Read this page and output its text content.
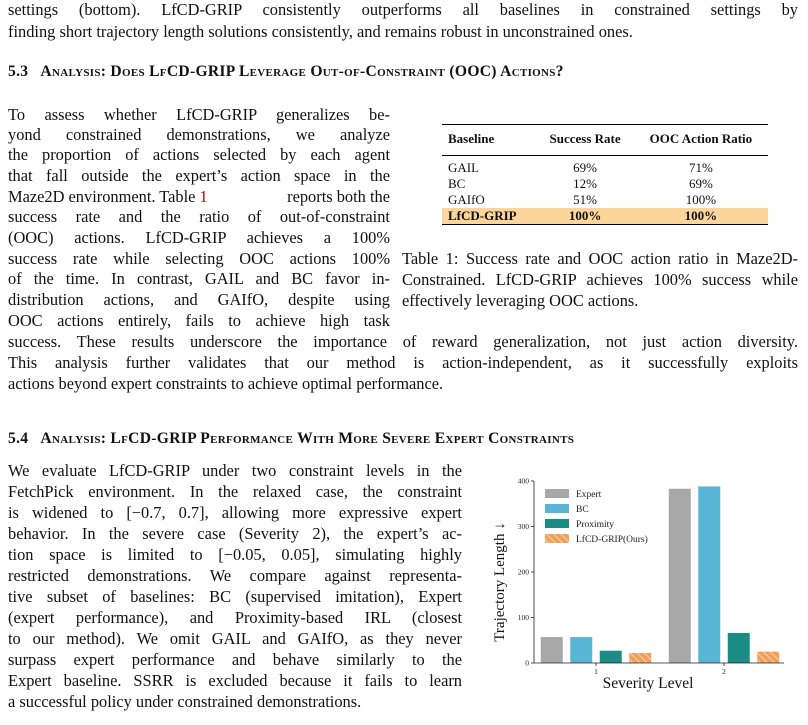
settings (bottom). LfCD-GRIP consistently outperforms all baselines in constrained settings by

finding short trajectory length solutions consistently, and remains robust in unconstrained ones.

5.3 Analysis: Does LfCD-GRIP Leverage Out-of-Constraint (OOC) Actions?

To assess whether LfCD-GRIP generalizes be-

yond constrained demonstrations, we analyze

the proportion of actions selected by each agent

that fall outside the expert’s action space in the

Maze2D environment. Table 1	reports both the

success rate and the ratio of out-of-constraint

(OOC) actions. LfCD-GRIP achieves a 100%

success rate while selecting OOC actions 100%

of the time. In contrast, GAIL and BC favor in-

distribution actions, and GAIfO, despite using

OOC actions entirely, fails to achieve high task

Baseline	Success Rate	OOC Action Ratio
GAIL	69%	71%
BC	12%	69%
GAIfO	51%	100%
LfCD-GRIP	100%	100%

Table 1: Success rate and OOC action ratio in Maze2D-Constrained. LfCD-GRIP achieves 100% success while effectively leveraging OOC actions.

success. These results underscore the importance of reward generalization, not just action diversity.

This analysis further validates that our method is action-independent, as it successfully exploits

actions beyond expert constraints to achieve optimal performance.

5.4 Analysis: LfCD-GRIP Performance With More Severe Expert Constraints

We evaluate LfCD-GRIP under two constraint levels in the

FetchPick environment. In the relaxed case, the constraint

is widened to [−0.7, 0.7], allowing more expressive expert

behavior. In the severe case (Severity 2), the expert’s ac-

tion space is limited to [−0.05, 0.05], simulating highly

restricted demonstrations. We compare against representa-

tive subset of baselines: BC (supervised imitation), Expert

(expert performance), and Proximity-based IRL (closest

to our method). We omit GAIL and GAIfO, as they never

surpass expert performance and behave similarly to the

Expert baseline. SSRR is excluded because it fails to learn

a successful policy under constrained demonstrations.

0
100
200
300
400
1	2
Expert
BC
Proximity
LfCD-GRIP(Ours)
Trajectory Length ↓
Severity Level
